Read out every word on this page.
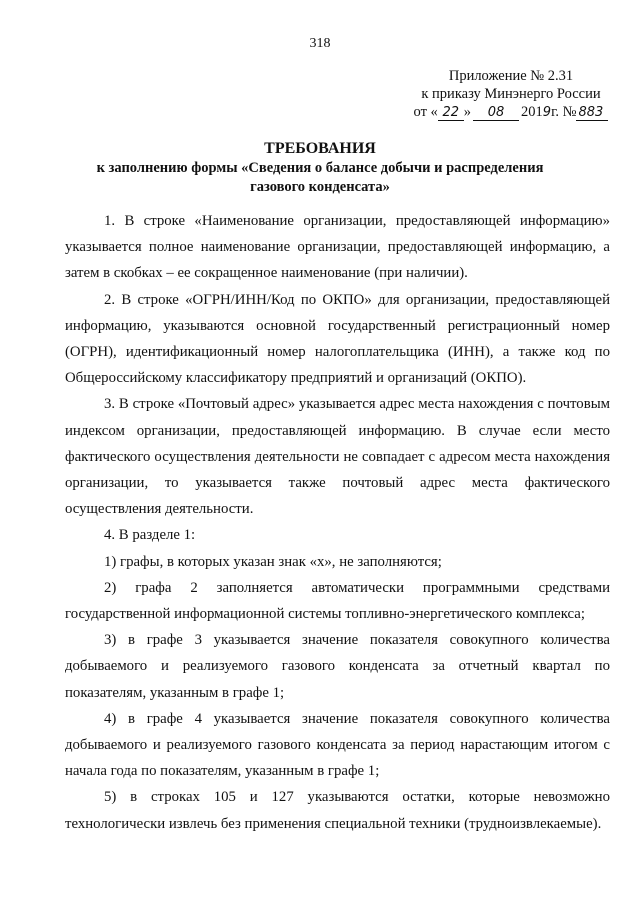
318
Приложение № 2.31
к приказу Минэнерго России
от « 22 » 08 2019г. № 883
ТРЕБОВАНИЯ
к заполнению формы «Сведения о балансе добычи и распределения
газового конденсата»

1. В строке «Наименование организации, предоставляющей информацию» указывается полное наименование организации, предоставляющей информацию, а затем в скобках – ее сокращенное наименование (при наличии).

2. В строке «ОГРН/ИНН/Код по ОКПО» для организации, предоставляющей информацию, указываются основной государственный регистрационный номер (ОГРН), идентификационный номер налогоплательщика (ИНН), а также код по Общероссийскому классификатору предприятий и организаций (ОКПО).

3. В строке «Почтовый адрес» указывается адрес места нахождения с почтовым индексом организации, предоставляющей информацию. В случае если место фактического осуществления деятельности не совпадает с адресом места нахождения организации, то указывается также почтовый адрес места фактического осуществления деятельности.

4. В разделе 1:

1) графы, в которых указан знак «х», не заполняются;

2) графа 2 заполняется автоматически программными средствами государственной информационной системы топливно-энергетического комплекса;

3) в графе 3 указывается значение показателя совокупного количества добываемого и реализуемого газового конденсата за отчетный квартал по показателям, указанным в графе 1;

4) в графе 4 указывается значение показателя совокупного количества добываемого и реализуемого газового конденсата за период нарастающим итогом с начала года по показателям, указанным в графе 1;

5) в строках 105 и 127 указываются остатки, которые невозможно технологически извлечь без применения специальной техники (трудноизвлекаемые).
